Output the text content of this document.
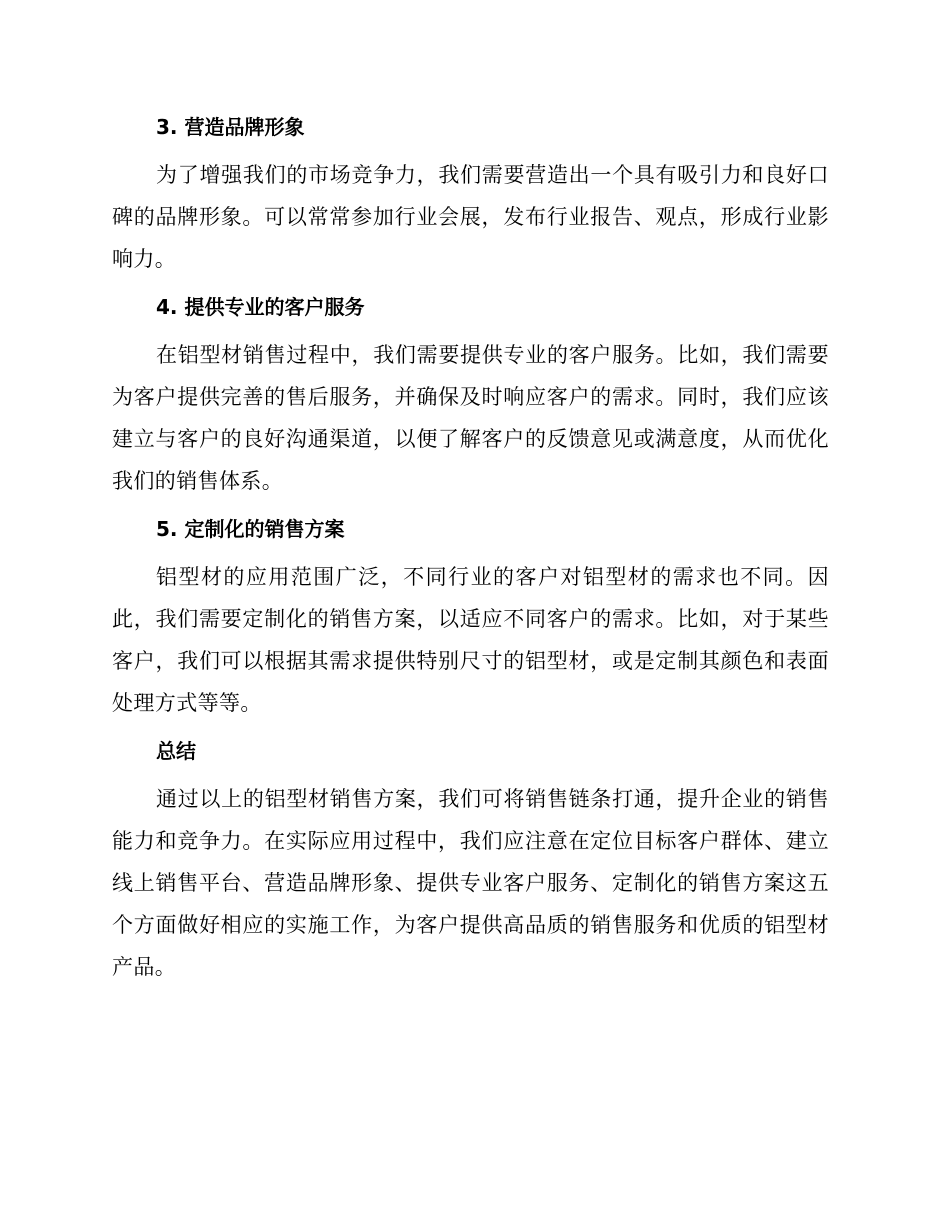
3. 营造品牌形象
为了增强我们的市场竞争力，我们需要营造出一个具有吸引力和良好口碑的品牌形象。可以常常参加行业会展，发布行业报告、观点，形成行业影响力。
4. 提供专业的客户服务
在铝型材销售过程中，我们需要提供专业的客户服务。比如，我们需要为客户提供完善的售后服务，并确保及时响应客户的需求。同时，我们应该建立与客户的良好沟通渠道，以便了解客户的反馈意见或满意度，从而优化我们的销售体系。
5. 定制化的销售方案
铝型材的应用范围广泛，不同行业的客户对铝型材的需求也不同。因此，我们需要定制化的销售方案，以适应不同客户的需求。比如，对于某些客户，我们可以根据其需求提供特别尺寸的铝型材，或是定制其颜色和表面处理方式等等。
总结
通过以上的铝型材销售方案，我们可将销售链条打通，提升企业的销售能力和竞争力。在实际应用过程中，我们应注意在定位目标客户群体、建立线上销售平台、营造品牌形象、提供专业客户服务、定制化的销售方案这五个方面做好相应的实施工作，为客户提供高品质的销售服务和优质的铝型材产品。
